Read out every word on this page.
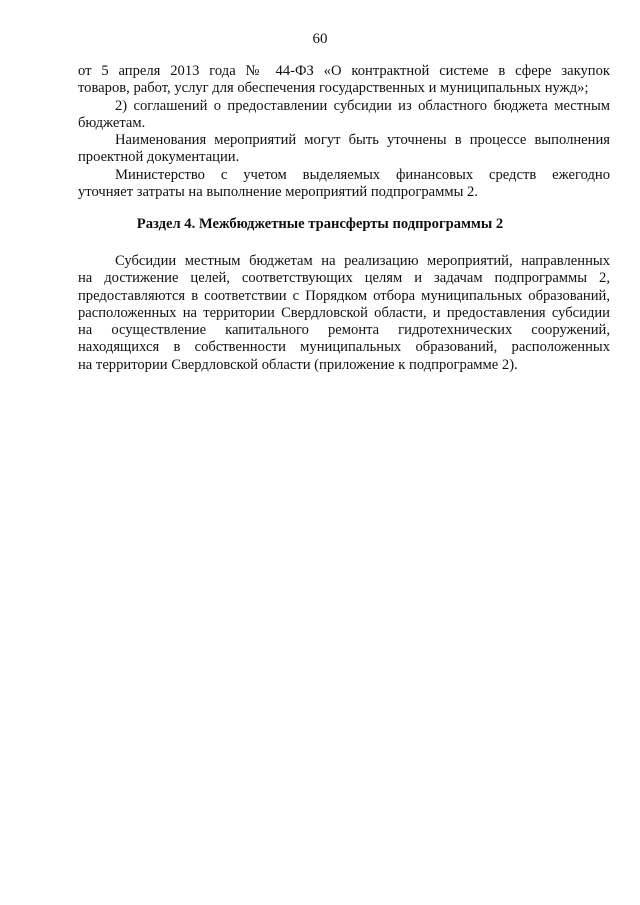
60
от 5 апреля 2013 года № 44-ФЗ «О контрактной системе в сфере закупок
товаров, работ, услуг для обеспечения государственных и муниципальных нужд»;
2) соглашений о предоставлении субсидии из областного бюджета местным
бюджетам.
Наименования мероприятий могут быть уточнены в процессе выполнения
проектной документации.
Министерство с учетом выделяемых финансовых средств ежегодно
уточняет затраты на выполнение мероприятий подпрограммы 2.
Раздел 4. Межбюджетные трансферты подпрограммы 2
Субсидии местным бюджетам на реализацию мероприятий, направленных
на достижение целей, соответствующих целям и задачам подпрограммы 2,
предоставляются в соответствии с Порядком отбора муниципальных образований,
расположенных на территории Свердловской области, и предоставления субсидии
на осуществление капитального ремонта гидротехнических сооружений,
находящихся в собственности муниципальных образований, расположенных
на территории Свердловской области (приложение к подпрограмме 2).
